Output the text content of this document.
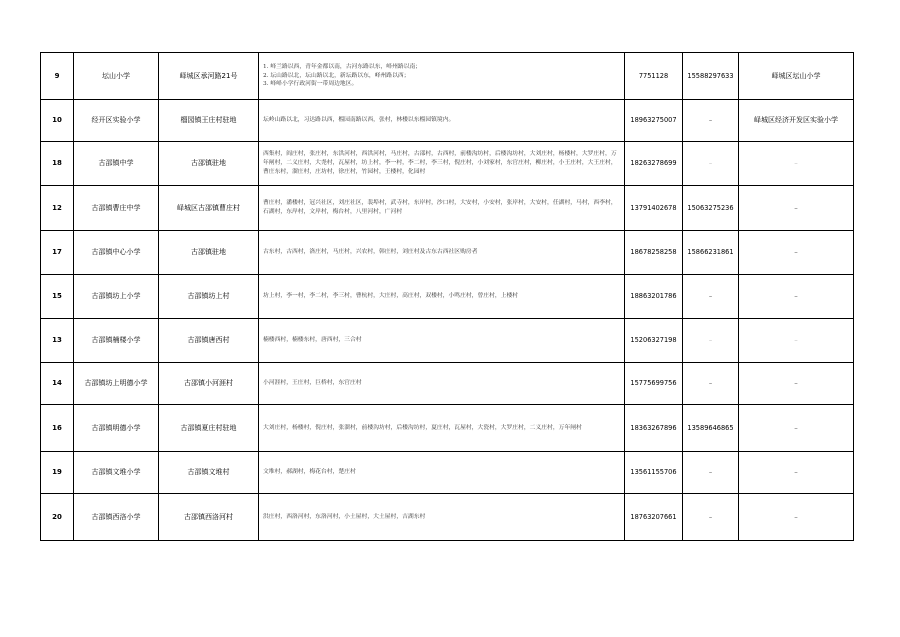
9	坛山小学	峄城区承河路21号	1. 峄兰路以西，青年金都以南，古河东路以东，峄州路以南；
2. 坛山路以北，坛山路以北，新坛路以东，峄州路以西；
3. 峄峄小学行政河街一带周边地区。	7751128	15588297633	峄城区坛山小学
10	经开区实验小学	榴园镇王庄村驻地	坛岭山路以北，习达路以西，榴园南路以西，张村，林楼以东榴园镇境内。	18963275007	–	峄城区经济开发区实验小学
18	古邵镇中学	古邵镇驻地	西集村，阎庄村，张庄村，东洪河村，西洪河村，马庄村，古邵村，古西村，前楼沟坊村，后楼沟坊村，大刘庄村，杨楼村，大罗庄村，万年闸村，二义庄村，大尧村，瓦屋村，坊上村，李一村，李二村，李三村，倪庄村，小刘家村，东官庄村，柳庄村，小王庄村，大王庄村，曹庄东村，溜庄村，庄坊村，徐庄村，竹园村，王楼村，化园村	18263278699	–	–
12	古邵镇曹庄中学	峄城区古邵镇曹庄村	曹庄村，潘楼村，冠兴社区，刘庄社区，裴埠村，武寺村，东岸村，沙口村，大安村，小安村，张岸村，大安村，任湖村，马村，西李村，石湖村，东岸村，文岸村，梅台村，八里河村，广河村	13791402678	15063275236	–
17	古邵镇中心小学	古邵镇驻地	古东村，古西村，洛庄村，马庄村，兴农村，韩庄村，刘庄村及古东古西社区购房者	18678258258	15866231861	–
15	古邵镇坊上小学	古邵镇坊上村	坊上村，李一村，李二村，李三村，曹杭村，大庄村，高庄村，双楼村，小鸣庄村，曾庄村，上楼村	18863201786	–	–
13	古邵镇楠楼小学	古邵镇唐西村	楠楼西村，楠楼东村，唐西村，三合村	15206327198	–	–
14	古邵镇坊上明德小学	古邵镇小河涯村	小河涯村，王庄村，巨桥村，东官庄村	15775699756	–	–
16	古邵镇明德小学	古邵镇夏庄村驻地	大刘庄村，杨楼村，倪庄村，张溜村，前楼沟坊村，后楼沟坊村，夏庄村，瓦屋村，大瓷村，大罗庄村，二义庄村，万年闸村	18363267896	13589646865	–
19	古邵镇文堆小学	古邵镇文堆村	文堆村，郝湖村，梅花台村，楚庄村	13561155706	–	–
20	古邵镇西洛小学	古邵镇西洛河村	洪庄村，西洛河村，东洛河村，小土屋村，大土屋村，吉湖东村	18763207661	–	–
